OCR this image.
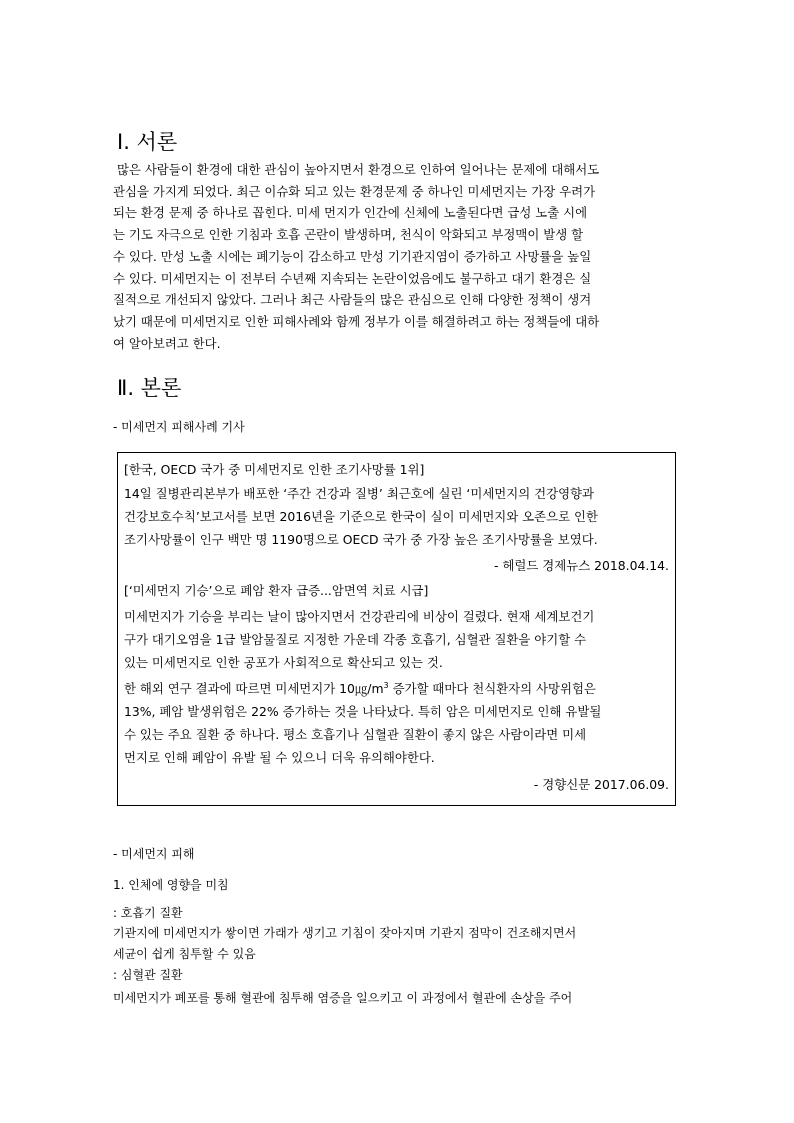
Ⅰ. 서론
많은 사람들이 환경에 대한 관심이 높아지면서 환경으로 인하여 일어나는 문제에 대해서도
관심을 가지게 되었다. 최근 이슈화 되고 있는 환경문제 중 하나인 미세먼지는 가장 우려가
되는 환경 문제 중 하나로 꼽힌다. 미세 먼지가 인간에 신체에 노출된다면 급성 노출 시에
는 기도 자극으로 인한 기침과 호흡 곤란이 발생하며, 천식이 악화되고 부정맥이 발생 할
수 있다. 만성 노출 시에는 폐기능이 감소하고 만성 기기관지염이 증가하고 사망률을 높일
수 있다. 미세먼지는 이 전부터 수년째 지속되는 논란이었음에도 불구하고 대기 환경은 실
질적으로 개선되지 않았다. 그러나 최근 사람들의 많은 관심으로 인해 다양한 정책이 생겨
났기 때문에 미세먼지로 인한 피해사례와 함께 정부가 이를 해결하려고 하는 정책들에 대하
여 알아보려고 한다.
Ⅱ. 본론

- 미세먼지 피해사례 기사

[한국, OECD 국가 중 미세먼지로 인한 조기사망률 1위]
14일 질병관리본부가 배포한 ‘주간 건강과 질병’ 최근호에 실린 ‘미세먼지의 건강영향과
건강보호수칙’보고서를 보면 2016년을 기준으로 한국이 실이 미세먼지와 오존으로 인한
조기사망률이 인구 백만 명 1190명으로 OECD 국가 중 가장 높은 조기사망률을 보였다.
- 헤럴드 경제뉴스 2018.04.14.
[‘미세먼지 기승’으로 폐암 환자 급증...암면역 치료 시급]
미세먼지가 기승을 부리는 날이 많아지면서 건강관리에 비상이 걸렸다. 현재 세계보건기
구가 대기오염을 1급 발암물질로 지정한 가운데 각종 호흡기, 심혈관 질환을 야기할 수
있는 미세먼지로 인한 공포가 사회적으로 확산되고 있는 것.
한 해외 연구 결과에 따르면 미세먼지가 $10㎍/m^3$ 증가할 때마다 천식환자의 사망위험은
13%, 폐암 발생위험은 22% 증가하는 것을 나타났다. 특히 암은 미세먼지로 인해 유발될
수 있는 주요 질환 중 하나다. 평소 호흡기나 심혈관 질환이 좋지 않은 사람이라면 미세
먼지로 인해 폐암이 유발 될 수 있으니 더욱 유의해야한다.
- 경향신문 2017.06.09.

- 미세먼지 피해

1. 인체에 영향을 미침

: 호흡기 질환

기관지에 미세먼지가 쌓이면 가래가 생기고 기침이 잦아지며 기관지 점막이 건조해지면서

세균이 쉽게 침투할 수 있음

: 심혈관 질환

미세먼지가 폐포를 통해 혈관에 침투해 염증을 일으키고 이 과정에서 혈관에 손상을 주어
